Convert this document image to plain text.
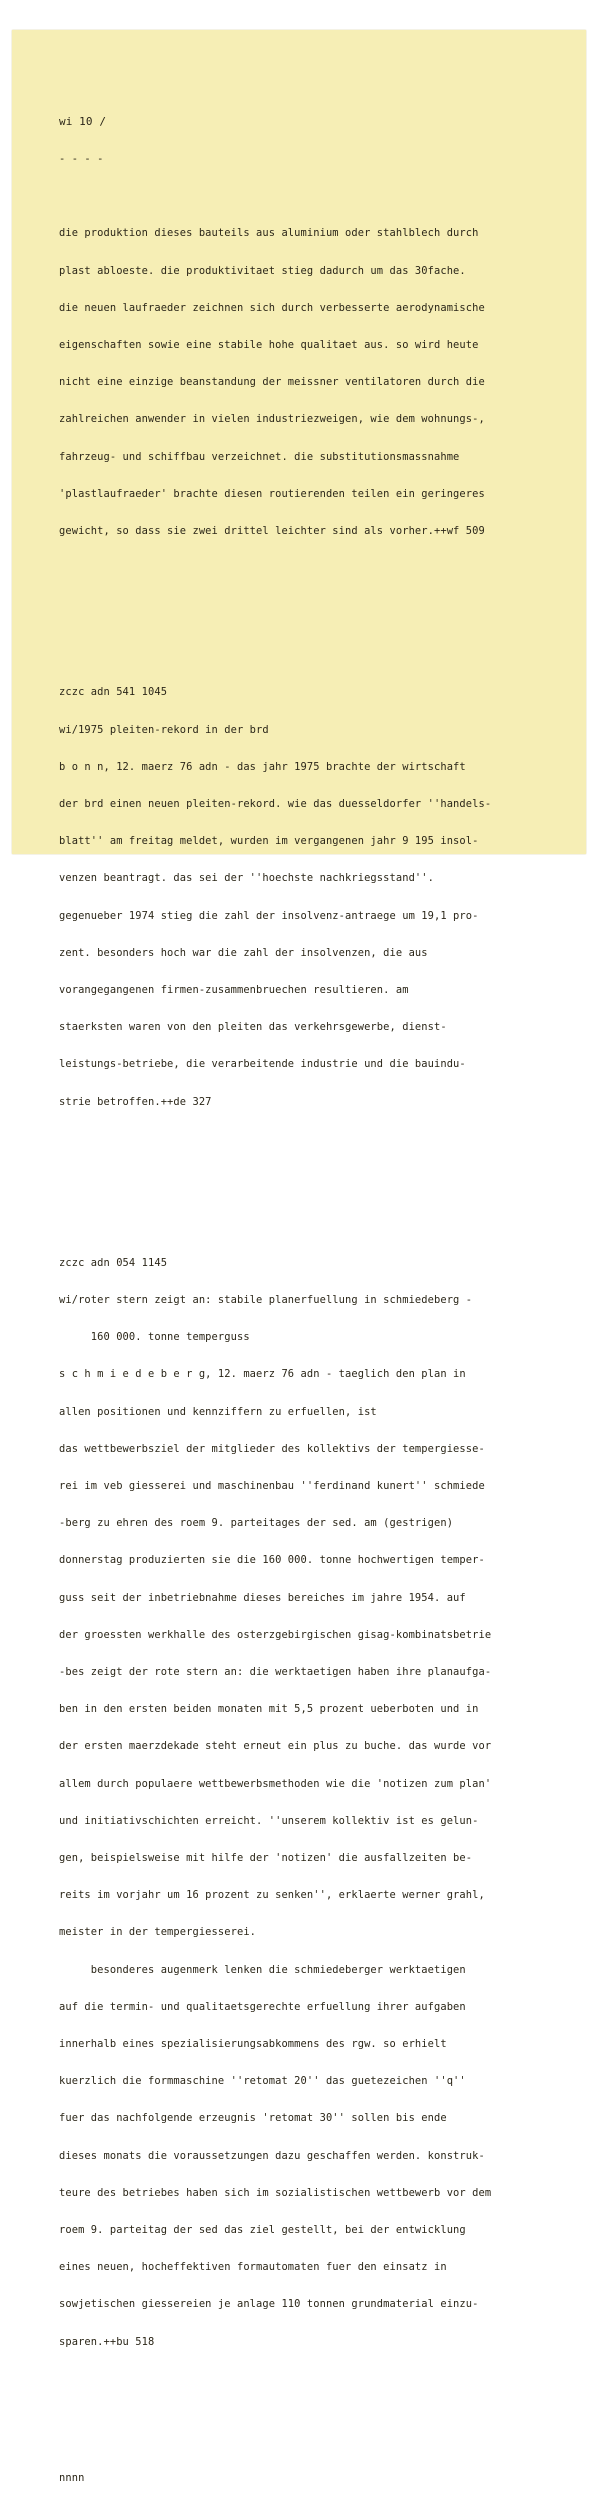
wi 10 /

- - - -

die produktion dieses bauteils aus aluminium oder stahlblech durch

plast abloeste. die produktivitaet stieg dadurch um das 30fache.

die neuen laufraeder zeichnen sich durch verbesserte aerodynamische

eigenschaften sowie eine stabile hohe qualitaet aus. so wird heute

nicht eine einzige beanstandung der meissner ventilatoren durch die

zahlreichen anwender in vielen industriezweigen, wie dem wohnungs-,

fahrzeug- und schiffbau verzeichnet. die substitutionsmassnahme

'plastlaufraeder' brachte diesen routierenden teilen ein geringeres

gewicht, so dass sie zwei drittel leichter sind als vorher.++wf 509

zczc adn 541 1045

wi/1975 pleiten-rekord in der brd

b o n n, 12. maerz 76 adn - das jahr 1975 brachte der wirtschaft

der brd einen neuen pleiten-rekord. wie das duesseldorfer ''handels-

blatt'' am freitag meldet, wurden im vergangenen jahr 9 195 insol-

venzen beantragt. das sei der ''hoechste nachkriegsstand''.

gegenueber 1974 stieg die zahl der insolvenz-antraege um 19,1 pro-

zent. besonders hoch war die zahl der insolvenzen, die aus

vorangegangenen firmen-zusammenbruechen resultieren. am

staerksten waren von den pleiten das verkehrsgewerbe, dienst-

leistungs-betriebe, die verarbeitende industrie und die bauindu-

strie betroffen.++de 327

zczc adn 054 1145

wi/roter stern zeigt an: stabile planerfuellung in schmiedeberg -

160 000. tonne temperguss

s c h m i e d e b e r g, 12. maerz 76 adn - taeglich den plan in

allen positionen und kennziffern zu erfuellen, ist

das wettbewerbsziel der mitglieder des kollektivs der tempergiesse-

rei im veb giesserei und maschinenbau ''ferdinand kunert'' schmiede

-berg zu ehren des roem 9. parteitages der sed. am (gestrigen)

donnerstag produzierten sie die 160 000. tonne hochwertigen temper-

guss seit der inbetriebnahme dieses bereiches im jahre 1954. auf

der groessten werkhalle des osterzgebirgischen gisag-kombinatsbetrie

-bes zeigt der rote stern an: die werktaetigen haben ihre planaufga-

ben in den ersten beiden monaten mit 5,5 prozent ueberboten und in

der ersten maerzdekade steht erneut ein plus zu buche. das wurde vor

allem durch populaere wettbewerbsmethoden wie die 'notizen zum plan'

und initiativschichten erreicht. ''unserem kollektiv ist es gelun-

gen, beispielsweise mit hilfe der 'notizen' die ausfallzeiten be-

reits im vorjahr um 16 prozent zu senken'', erklaerte werner grahl,

meister in der tempergiesserei.

besonderes augenmerk lenken die schmiedeberger werktaetigen

auf die termin- und qualitaetsgerechte erfuellung ihrer aufgaben

innerhalb eines spezialisierungsabkommens des rgw. so erhielt

kuerzlich die formmaschine ''retomat 20'' das guetezeichen ''q''

fuer das nachfolgende erzeugnis 'retomat 30'' sollen bis ende

dieses monats die voraussetzungen dazu geschaffen werden. konstruk-

teure des betriebes haben sich im sozialistischen wettbewerb vor dem

roem 9. parteitag der sed das ziel gestellt, bei der entwicklung

eines neuen, hocheffektiven formautomaten fuer den einsatz in

sowjetischen giessereien je anlage 110 tonnen grundmaterial einzu-

sparen.++bu 518

nnnn
